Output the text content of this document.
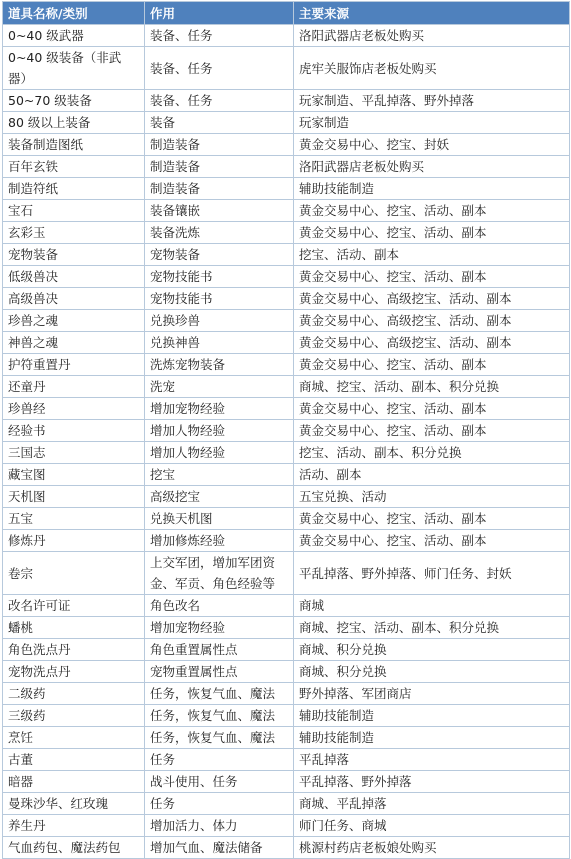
道具名称/类别	作用	主要来源
0~40 级武器	装备、任务	洛阳武器店老板处购买
0~40 级装备（非武器）	装备、任务	虎牢关服饰店老板处购买
50~70 级装备	装备、任务	玩家制造、平乱掉落、野外掉落
80 级以上装备	装备	玩家制造
装备制造图纸	制造装备	黄金交易中心、挖宝、封妖
百年玄铁	制造装备	洛阳武器店老板处购买
制造符纸	制造装备	辅助技能制造
宝石	装备镶嵌	黄金交易中心、挖宝、活动、副本
玄彩玉	装备洗炼	黄金交易中心、挖宝、活动、副本
宠物装备	宠物装备	挖宝、活动、副本
低级兽决	宠物技能书	黄金交易中心、挖宝、活动、副本
高级兽决	宠物技能书	黄金交易中心、高级挖宝、活动、副本
珍兽之魂	兑换珍兽	黄金交易中心、高级挖宝、活动、副本
神兽之魂	兑换神兽	黄金交易中心、高级挖宝、活动、副本
护符重置丹	洗炼宠物装备	黄金交易中心、挖宝、活动、副本
还童丹	洗宠	商城、挖宝、活动、副本、积分兑换
珍兽经	增加宠物经验	黄金交易中心、挖宝、活动、副本
经验书	增加人物经验	黄金交易中心、挖宝、活动、副本
三国志	增加人物经验	挖宝、活动、副本、积分兑换
藏宝图	挖宝	活动、副本
天机图	高级挖宝	五宝兑换、活动
五宝	兑换天机图	黄金交易中心、挖宝、活动、副本
修炼丹	增加修炼经验	黄金交易中心、挖宝、活动、副本
卷宗	上交军团，增加军团资金、军贡、角色经验等	平乱掉落、野外掉落、师门任务、封妖
改名许可证	角色改名	商城
蟠桃	增加宠物经验	商城、挖宝、活动、副本、积分兑换
角色洗点丹	角色重置属性点	商城、积分兑换
宠物洗点丹	宠物重置属性点	商城、积分兑换
二级药	任务，恢复气血、魔法	野外掉落、军团商店
三级药	任务，恢复气血、魔法	辅助技能制造
烹饪	任务，恢复气血、魔法	辅助技能制造
古董	任务	平乱掉落
暗器	战斗使用、任务	平乱掉落、野外掉落
曼珠沙华、红玫瑰	任务	商城、平乱掉落
养生丹	增加活力、体力	师门任务、商城
气血药包、魔法药包	增加气血、魔法储备	桃源村药店老板娘处购买
